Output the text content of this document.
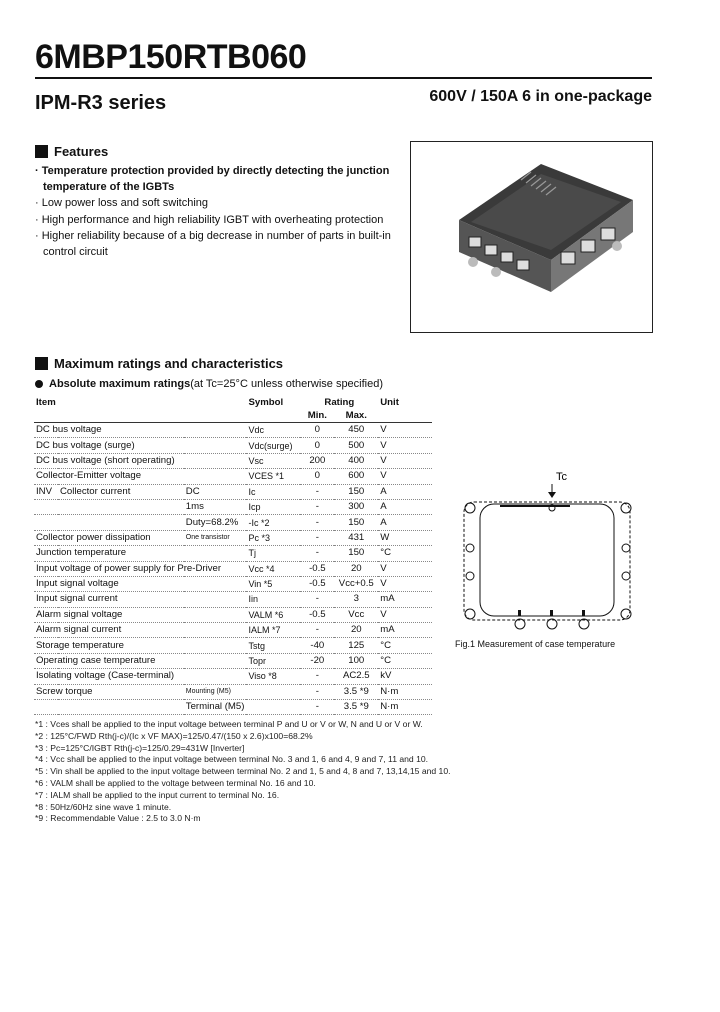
6MBP150RTB060
IPM-R3 series	600V / 150A 6 in one-package
Features
· Temperature protection provided by directly detecting the junction temperature of the IGBTs
· Low power loss and soft switching
· High performance and high reliability IGBT with overheating protection
· Higher reliability because of a big decrease in number of parts in built-in control circuit
Maximum ratings and characteristics
Absolute maximum ratings(at Tc=25°C unless otherwise specified)
Item			Symbol	Rating		Unit
				Min.	Max.	
DC bus voltage			Vdc	0	450	V
DC bus voltage (surge)			Vdc(surge)	0	500	V
DC bus voltage (short operating)			Vsc	200	400	V
Collector-Emitter voltage			VCES *1	0	600	V
INV	Collector current	DC	Ic	-	150	A
		1ms	Icp	-	300	A
		Duty=68.2%	-Ic *2	-	150	A
Collector power dissipation		One transistor	Pc *3	-	431	W
Junction temperature			Tj	-	150	°C
Input voltage of power supply for Pre-Driver			Vcc *4	-0.5	20	V
Input signal voltage			Vin *5	-0.5	Vcc+0.5	V
Input signal current			Iin	-	3	mA
Alarm signal voltage			VALM *6	-0.5	Vcc	V
Alarm signal current			IALM *7	-	20	mA
Storage temperature			Tstg	-40	125	°C
Operating case temperature			Topr	-20	100	°C
Isolating voltage (Case-terminal)			Viso *8	-	AC2.5	kV
Screw torque		Mounting (M5)		-	3.5 *9	N·m
		Terminal (M5)		-	3.5 *9	N·m
*1 : Vces shall be applied to the input voltage between terminal P and U or V or W, N and U or V or W.
*2 : 125°C/FWD Rth(j-c)/(Ic x VF MAX)=125/0.47/(150 x 2.6)x100=68.2%
*3 : Pc=125°C/IGBT Rth(j-c)=125/0.29=431W [Inverter]
*4 : Vcc shall be applied to the input voltage between terminal No. 3 and 1, 6 and 4, 9 and 7, 11 and 10.
*5 : Vin shall be applied to the input voltage between terminal No. 2 and 1, 5 and 4, 8 and 7, 13,14,15 and 10.
*6 : VALM shall be applied to the voltage between terminal No. 16 and 10.
*7 : IALM shall be applied to the input current to terminal No. 16.
*8 : 50Hz/60Hz sine wave 1 minute.
*9 : Recommendable Value : 2.5 to 3.0 N·m
Tc
Fig.1 Measurement of case temperature
